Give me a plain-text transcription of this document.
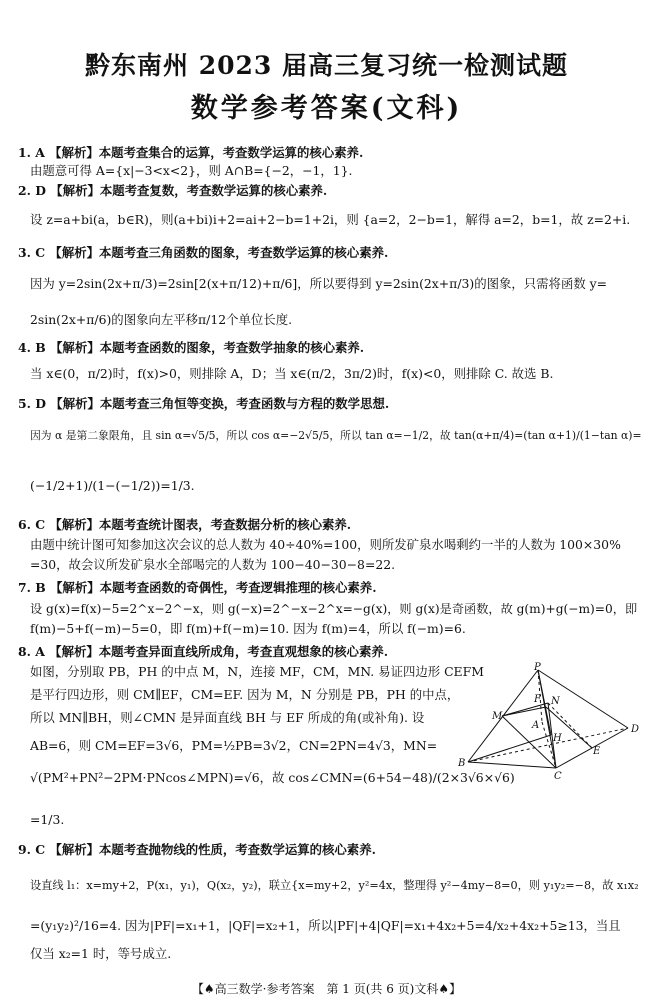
黔东南州 2023 届高三复习统一检测试题
数学参考答案(文科)
1. A 【解析】本题考查集合的运算，考查数学运算的核心素养.
由题意可得 A={x|−3<x<2}，则 A∩B={−2，−1，1}.
2. D 【解析】本题考查复数，考查数学运算的核心素养.
设 z=a+bi(a，b∈R)，则(a+bi)i+2=ai+2−b=1+2i，则 {a=2，2−b=1，解得 a=2，b=1，故 z=2+i.
3. C 【解析】本题考查三角函数的图象，考查数学运算的核心素养.
因为 y=2sin(2x+π/3)=2sin[2(x+π/12)+π/6]，所以要得到 y=2sin(2x+π/3)的图象，只需将函数 y=
2sin(2x+π/6)的图象向左平移π/12个单位长度.
4. B 【解析】本题考查函数的图象，考查数学抽象的核心素养.
当 x∈(0，π/2)时，f(x)>0，则排除 A，D；当 x∈(π/2，3π/2)时，f(x)<0，则排除 C. 故选 B.
5. D 【解析】本题考查三角恒等变换，考查函数与方程的数学思想.
因为 α 是第二象限角，且 sin α=√5/5，所以 cos α=−2√5/5，所以 tan α=−1/2，故 tan(α+π/4)=(tan α+1)/(1−tan α)=
(−1/2+1)/(1−(−1/2))=1/3.
6. C 【解析】本题考查统计图表，考查数据分析的核心素养.
由题中统计图可知参加这次会议的总人数为 40÷40%=100，则所发矿泉水喝剩约一半的人数为 100×30%
=30，故会议所发矿泉水全部喝完的人数为 100−40−30−8=22.
7. B 【解析】本题考查函数的奇偶性，考查逻辑推理的核心素养.
设 g(x)=f(x)−5=2^x−2^−x，则 g(−x)=2^−x−2^x=−g(x)，则 g(x)是奇函数，故 g(m)+g(−m)=0，即
f(m)−5+f(−m)−5=0，即 f(m)+f(−m)=10. 因为 f(m)=4，所以 f(−m)=6.
8. A 【解析】本题考查异面直线所成角，考查直观想象的核心素养.
如图，分别取 PB，PH 的中点 M，N，连接 MF，CM，MN. 易证四边形 CEFM
是平行四边形，则 CM∥EF，CM=EF. 因为 M，N 分别是 PB，PH 的中点，
所以 MN∥BH，则∠CMN 是异面直线 BH 与 EF 所成的角(或补角). 设
AB=6，则 CM=EF=3√6，PM=½PB=3√2，CN=2PN=4√3，MN=
√(PM²+PN²−2PM·PNcos∠MPN)=√6，故 cos∠CMN=(6+54−48)/(2×3√6×√6)
=1/3.
9. C 【解析】本题考查抛物线的性质，考查数学运算的核心素养.
设直线 l₁：x=my+2，P(x₁，y₁)，Q(x₂，y₂)，联立{x=my+2，y²=4x，整理得 y²−4my−8=0，则 y₁y₂=−8，故 x₁x₂
=(y₁y₂)²/16=4. 因为|PF|=x₁+1，|QF|=x₂+1，所以|PF|+4|QF|=x₁+4x₂+5=4/x₂+4x₂+5≥13，当且
仅当 x₂=1 时，等号成立.
P
F
M
A
N
H
E
D
B
C
【♠高三数学·参考答案　第 1 页(共 6 页)文科♠】
